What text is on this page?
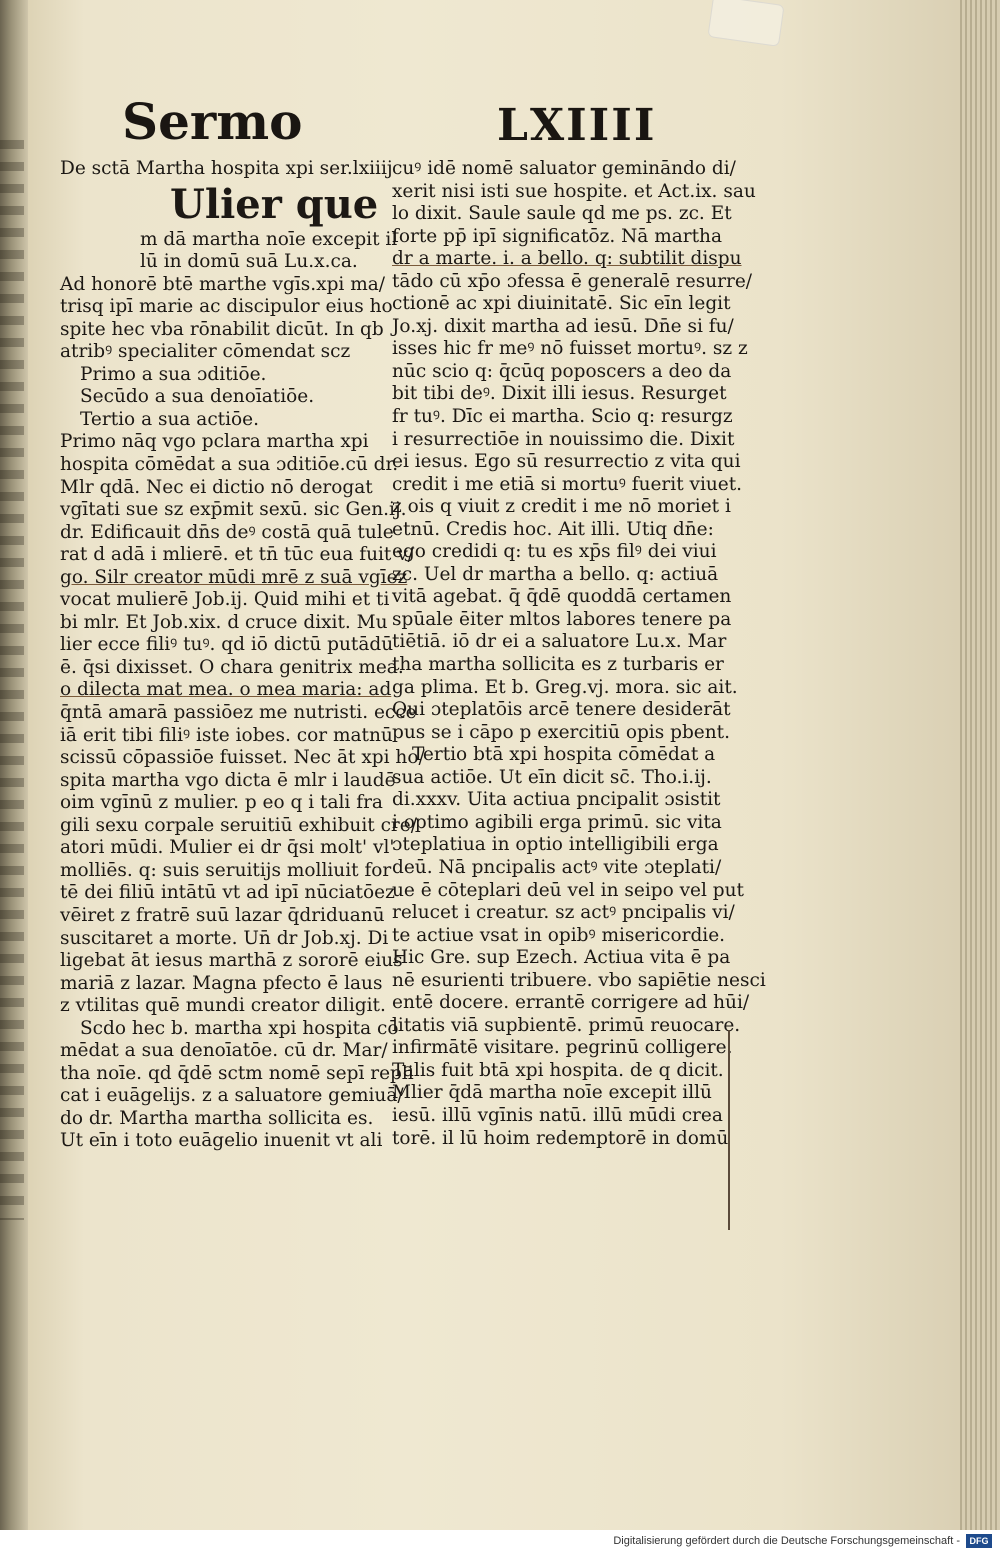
Sermo	LXIIII
De sctā Martha hospita xpi ser.lxiiij
Ulier que
m dā martha noīe excepit il
lū in domū suā Lu.x.ca.
Ad honorē btē marthe vgīs.xpi ma/
trisq ipī marie ac discipulor eius ho
spite hec vba rōnabilit dicūt. In qb
atribꝰ specialiter cōmendat scz
Primo a sua ɔditiōe.
Secūdo a sua denoīatiōe.
Tertio a sua actiōe.
Primo nāq vgo pclara martha xpi
hospita cōmēdat a sua ɔditiōe.cū dr.
Mlr qdā. Nec ei dictio nō derogat
vgītati sue sz exp̄mit sexū. sic Gen.ij.
dr. Edificauit dn̄s deꝰ costā quā tule
rat d adā i mlierē. et tn̄ tūc eua fuit v/
go. Silr creator mūdi mrē z suā vgīez
vocat mulierē Job.ij. Quid mihi et ti
bi mlr. Et Job.xix. d cruce dixit. Mu
lier ecce filiꝰ tuꝰ. qd iō dictū putādū
ē. q̄si dixisset. O chara genitrix mea.
o dilecta mat mea. o mea maria: ad
q̄ntā amarā passiōez me nutristi. ecce
iā erit tibi filiꝰ iste iobes. cor matnū
scissū cōpassiōe fuisset. Nec āt xpi ho/
spita martha vgo dicta ē mlr i laudē
oim vgīnū z mulier. p eo q i tali fra
gili sexu corpale seruitiū exhibuit cre/
atori mūdi. Mulier ei dr q̄si molt' vl'
molliēs. q: suis seruitijs molliuit for
tē dei filiū intātū vt ad ipī nūciatōez
vēiret z fratrē suū lazar q̄driduanū
suscitaret a morte. Un̄ dr Job.xj. Di
ligebat āt iesus marthā z sororē eius
mariā z lazar. Magna pfecto ē laus
z vtilitas quē mundi creator diligit.
Scdo hec b. martha xpi hospita cō
mēdat a sua denoīatōe. cū dr. Mar/
tha noīe. qd q̄dē sctm nomē sepī repli
cat i euāgelijs. z a saluatore gemiuā/
do dr. Martha martha sollicita es.
Ut eīn i toto euāgelio inuenit vt ali
cuꝰ idē nomē saluator gemināndo di/
xerit nisi isti sue hospite. et Act.ix. sau
lo dixit. Saule saule qd me ps. zc. Et
forte pp̄ ipī significatōz. Nā martha
dr a marte. i. a bello. q: subtilit dispu
tādo cū xp̄o ɔfessa ē generalē resurre/
ctionē ac xpi diuinitatē. Sic eīn legit
Jo.xj. dixit martha ad iesū. Dn̄e si fu/
isses hic fr meꝰ nō fuisset mortuꝰ. sz z
nūc scio q: q̄cūq poposcers a deo da
bit tibi deꝰ. Dixit illi iesus. Resurget
fr tuꝰ. Dīc ei martha. Scio q: resurgz
i resurrectiōe in nouissimo die. Dixit
ei iesus. Ego sū resurrectio z vita qui
credit i me etiā si mortuꝰ fuerit viuet.
z ois q viuit z credit i me nō moriet i
etnū. Credis hoc. Ait illi. Utiq dn̄e:
ego credidi q: tu es xp̄s filꝰ dei viui
zc. Uel dr martha a bello. q: actiuā
vitā agebat. q̄ q̄dē quoddā certamen
spūale ēiter mltos labores tenere pa
tiētiā. iō dr ei a saluatore Lu.x. Mar
tha martha sollicita es z turbaris er
ga plima. Et b. Greg.vj. mora. sic ait.
Qui ɔteplatōis arcē tenere desiderāt
pus se i cāpo p exercitiū opis pbent.
Tertio btā xpi hospita cōmēdat a
sua actiōe. Ut eīn dicit sc̄. Tho.i.ij.
di.xxxv. Uita actiua pncipalit ɔsistit
i optimo agibili erga primū. sic vita
ɔteplatiua in optio intelligibili erga
deū. Nā pncipalis actꝰ vite ɔteplati/
ue ē cōteplari deū vel in seipo vel put
relucet i creatur. sz actꝰ pncipalis vi/
te actiue vsat in opibꝰ misericordie.
Hic Gre. sup Ezech. Actiua vita ē pa
nē esurienti tribuere. vbo sapiētie nesci
entē docere. errantē corrigere ad hūi/
litatis viā supbientē. primū reuocare.
infirmātē visitare. pegrinū colligere.
Talis fuit btā xpi hospita. de q dicit.
Mlier q̄dā martha noīe excepit illū
iesū. illū vgīnis natū. illū mūdi crea
torē. il lū hoim redemptorē in domū
Digitalisierung gefördert durch die Deutsche Forschungsgemeinschaft -	DFG
